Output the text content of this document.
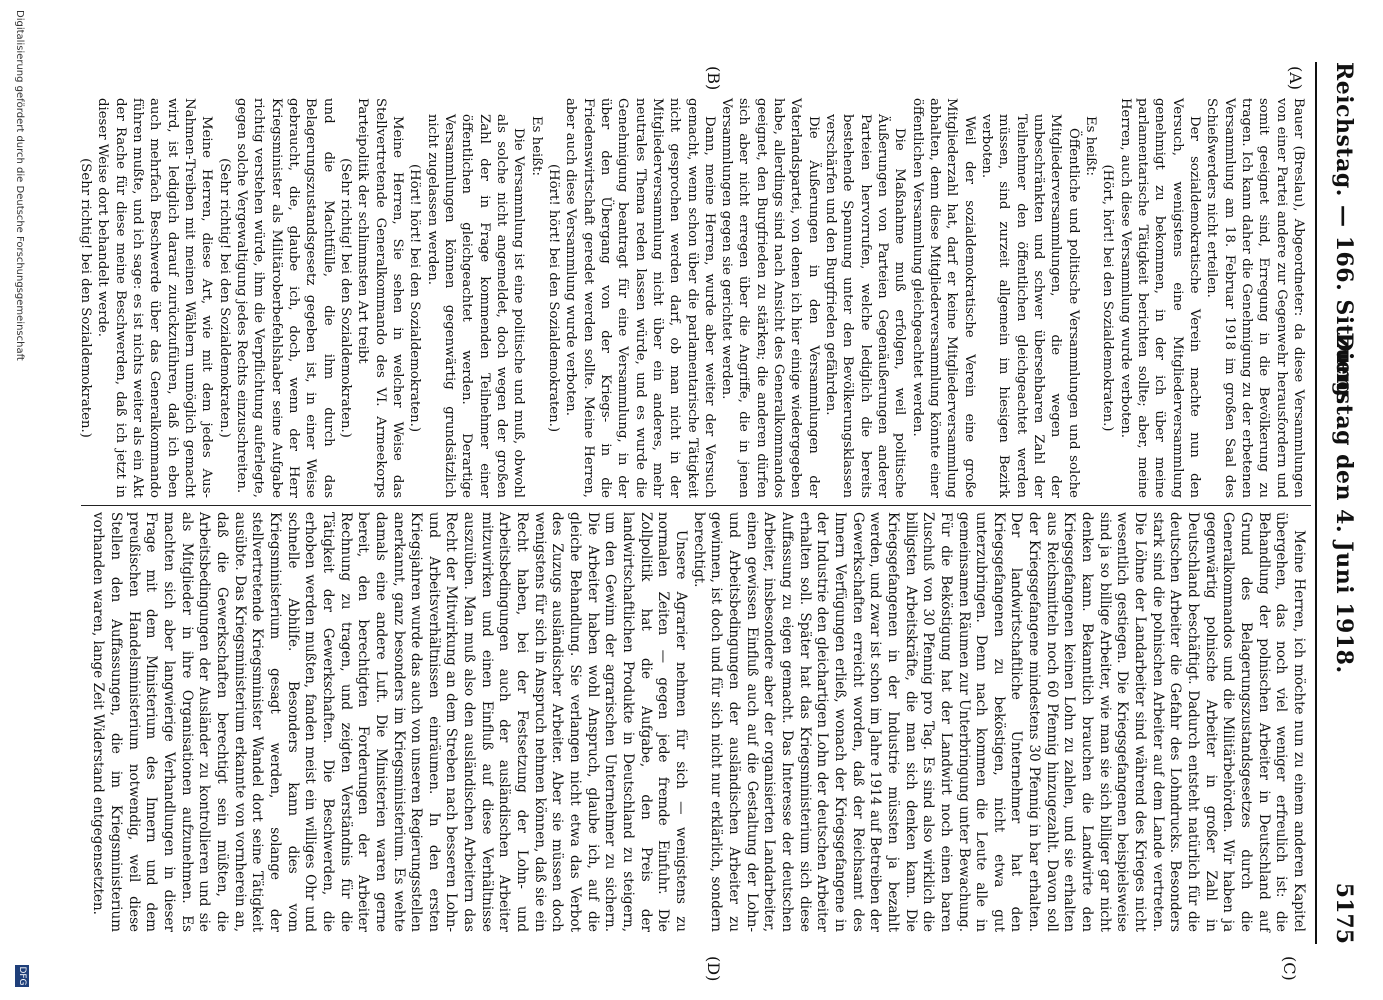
Reichstag. — 166. Sitzung.
Dienstag den 4. Juni 1918.
5175
(A)
(B)
(C)
(D)

Bauer (Breslau), Abgeordneter: da diese Versammlungen von einer Partei andere zur Gegenwehr herausfordern und somit geeignet sind, Erregung in die Bevölkerung zu tragen. Ich kann daher die Genehmigung zu der erbetenen Versammlung am 18. Februar 1918 im großen Saal des Schießwerders nicht erteilen.

Der sozialdemokratische Verein machte nun den Versuch, wenigstens eine Mitgliederversammlung genehmigt zu bekommen, in der ich über meine parlamentarische Tätigkeit berichten sollte; aber, meine Herren, auch diese Versammlung wurde verboten.

(Hört, hört! bei den Sozialdemokraten.)

Es heißt:

Öffentliche und politische Versammlungen und solche Mitgliederversammlungen, die wegen der unbeschränkten und schwer übersehbaren Zahl der Teilnehmer den öffentlichen gleichgeachtet werden müssen, sind zurzeit allgemein im hiesigen Bezirk verboten.

Weil der sozialdemokratische Verein eine große Mitgliederzahl hat, darf er keine Mitgliederversammlung abhalten, denn diese Mitgliederversammlung könnte einer öffentlichen Versammlung gleichgeachtet werden.

Die Maßnahme muß erfolgen, weil politische Äußerungen von Parteien Gegenäußerungen anderer Parteien hervorrufen, welche lediglich die bereits bestehende Spannung unter den Bevölkerungsklassen verschärfen und den Burgfrieden gefährden.

Die Äußerungen in den Versammlungen der Vaterlandspartei, von denen ich hier einige wiedergegeben habe, allerdings sind nach Ansicht des Generalkommandos geeignet, den Burgfrieden zu stärken; die anderen dürfen sich aber nicht erregen über die Angriffe, die in jenen Versammlungen gegen sie gerichtet werden.

Dann, meine Herren, wurde aber weiter der Versuch gemacht, wenn schon über die parlamentarische Tätigkeit nicht gesprochen werden darf, ob man nicht in der Mitgliederversammlung nicht über ein anderes, mehr neutrales Thema reden lassen würde, und es wurde die Genehmigung beantragt für eine Versammlung, in der über den Übergang von der Kriegs- in die Friedenswirtschaft geredet werden sollte. Meine Herren, aber auch diese Versammlung wurde verboten.

(Hört! hört! bei den Sozialdemokraten.)

Es heißt:

Die Versammlung ist eine politische und muß, obwohl als solche nicht angemeldet, doch wegen der großen Zahl der in Frage kommenden Teilnehmer einer öffentlichen gleichgeachtet werden. Derartige Versammlungen können gegenwärtig grundsätzlich nicht zugelassen werden.

(Hört! hört! bei den Sozialdemokraten.)

Meine Herren, Sie sehen in welcher Weise das Stellvertretende Generalkommando des VI. Armeekorps Parteipolitik der schlimmsten Art treibt

(Sehr richtig! bei den Sozialdemokraten.)

und die Machtfülle, die ihm durch das Belagerungszustandsgesetz gegeben ist, in einer Weise gebraucht, die, glaube ich, doch, wenn der Herr Kriegsminister als Militäroberbefehlshaber seine Aufgabe richtig verstehen würde, ihm die Verpflichtung auferlegte, gegen solche Vergewaltigung jedes Rechts einzuschreiten.

(Sehr richtig! bei den Sozialdemokraten.)

Meine Herren, diese Art, wie mit dem jedes Aus-Nahmen-Treiben mit meinen Wählern unmöglich gemacht wird, ist lediglich darauf zurückzuführen, daß ich eben auch mehrfach Beschwerde über das Generalkommando führen mußte, und ich sage: es ist nichts weiter als ein Akt der Rache für diese meine Beschwerden, daß ich jetzt in dieser Weise dort behandelt werde.

(Sehr richtig! bei den Sozialdemokraten.)

Meine Herren, ich möchte nun zu einem anderen Kapitel übergehen, das noch viel weniger erfreulich ist: die Behandlung der polnischen Arbeiter in Deutschland auf Grund des Belagerungszustandsgesetzes durch die Generalkommandos und die Militärbehörden. Wir haben ja gegenwärtig polnische Arbeiter in großer Zahl in Deutschland beschäftigt. Dadurch entsteht natürlich für die deutschen Arbeiter die Gefahr des Lohndrucks. Besonders stark sind die polnischen Arbeiter auf dem Lande vertreten. Die Löhne der Landarbeiter sind während des Krieges nicht wesentlich gestiegen. Die Kriegsgefangenen beispielsweise sind ja so billige Arbeiter, wie man sie sich billiger gar nicht denken kann. Bekanntlich brauchen die Landwirte den Kriegsgefangenen keinen Lohn zu zahlen, und sie erhalten aus Reichsmitteln noch 60 Pfennig hinzugezahlt. Davon soll der Kriegsgefangene mindestens 30 Pfennig in bar erhalten. Der landwirtschaftliche Unternehmer hat den Kriegsgefangenen zu beköstigen, nicht etwa gut unterzubringen. Denn nach kommen die Leute alle in gemeinsamen Räumen zur Unterbringung unter Bewachung. Für die Beköstigung hat der Landwirt noch einen baren Zuschuß von 30 Pfennig pro Tag. Es sind also wirklich die billigsten Arbeitskräfte, die man sich denken kann. Die Kriegsgefangenen in der Industrie müssten ja bezahlt werden, und zwar ist schon im Jahre 1914 auf Betreiben der Gewerkschaften erreicht worden, daß der Reichsamt des Innern Verfügungen erließ, wonach der Kriegsgefangene in der Industrie den gleichartigen Lohn der deutschen Arbeiter erhalten soll. Später hat das Kriegsministerium sich diese Auffassung zu eigen gemacht. Das Interesse der deutschen Arbeiter, insbesondere aber der organisierten Landarbeiter, einen gewissen Einfluß auch auf die Gestaltung der Lohn- und Arbeitsbedingungen der ausländischen Arbeiter zu gewinnen, ist doch und für sich nicht nur erklärlich, sondern berechtigt.

Unsere Agrarier nehmen für sich — wenigstens zu normalen Zeiten — gegen jede fremde Einfuhr. Die Zollpolitik hat die Aufgabe, den Preis der landwirtschaftlichen Produkte in Deutschland zu steigern, um den Gewinn der agrarischen Unternehmer zu sichern. Die Arbeiter haben wohl Anspruch, glaube ich, auf die gleiche Behandlung. Sie verlangen nicht etwa das Verbot des Zuzugs ausländischer Arbeiter. Aber sie müssen doch wenigstens für sich in Anspruch nehmen können, daß sie ein Recht haben, bei der Festsetzung der Lohn- und Arbeitsbedingungen auch der ausländischen Arbeiter mitzuwirken und einen Einfluß auf diese Verhältnisse auszuüben. Man muß also den ausländischen Arbeitern das Recht der Mitwirkung an dem Streben nach besseren Lohn- und Arbeitsverhältnissen einräumen. In den ersten Kriegsjahren wurde das auch von unseren Regierungsstellen anerkannt, ganz besonders im Kriegsministerium. Es wehte damals eine andere Luft. Die Ministerien waren gerne bereit, den berechtigten Forderungen der Arbeiter Rechnung zu tragen, und zeigten Verständnis für die Tätigkeit der Gewerkschaften. Die Beschwerden, die erhoben werden mußten, fanden meist ein williges Ohr und schnelle Abhilfe. Besonders kann dies vom Kriegsministerium gesagt werden, solange der stellvertretende Kriegsminister Wandel dort seine Tätigkeit ausübte. Das Kriegsministerium erkannte von vornherein an, daß die Gewerkschaften berechtigt sein müßten, die Arbeitsbedingungen der Ausländer zu kontrollieren und sie als Mitglieder in ihre Organisationen aufzunehmen. Es machten sich aber langwierige Verhandlungen in dieser Frage mit dem Ministerium des Innern und dem preußischen Handelsministerium notwendig, weil diese Stellen den Auffassungen, die im Kriegsministerium vorhanden waren, lange Zeit Widerstand entgegensetzten.

Digitalisierung gefördert durch die Deutsche Forschungsgemeinschaft
DFG
